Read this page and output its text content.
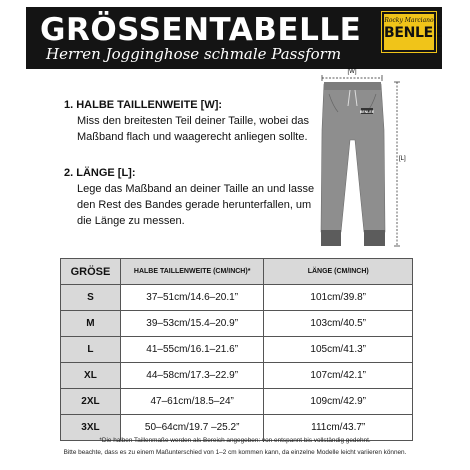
GRÖSSENTABELLE
Herren Jogginghose schmale Passform
Rocky Marciano
BENLEE
1. HALBE TAILLENWEITE [W]:
Miss den breitesten Teil deiner Taille, wobei das Maßband flach und waagerecht anliegen sollte.
2. LÄNGE [L]:
Lege das Maßband an deiner Taille an und lasse den Rest des Bandes gerade herunterfallen, um die Länge zu messen.
[W]
[L]
BENLEE
GRÖSE	HALBE TAILLENWEITE (CM/INCH)*	LÄNGE (CM/INCH)
S	37–51cm/14.6–20.1”	101cm/39.8”
M	39–53cm/15.4–20.9”	103cm/40.5”
L	41–55cm/16.1–21.6”	105cm/41.3”
XL	44–58cm/17.3–22.9”	107cm/42.1”
2XL	47–61cm/18.5–24”	109cm/42.9”
3XL	50–64cm/19.7 –25.2”	111cm/43.7”
*Die halben Taillenmaße werden als Bereich angegeben: von entspannt bis vollständig gedehnt.
Bitte beachte, dass es zu einem Maßunterschied von 1–2 cm kommen kann, da einzelne Modelle leicht variieren können.
